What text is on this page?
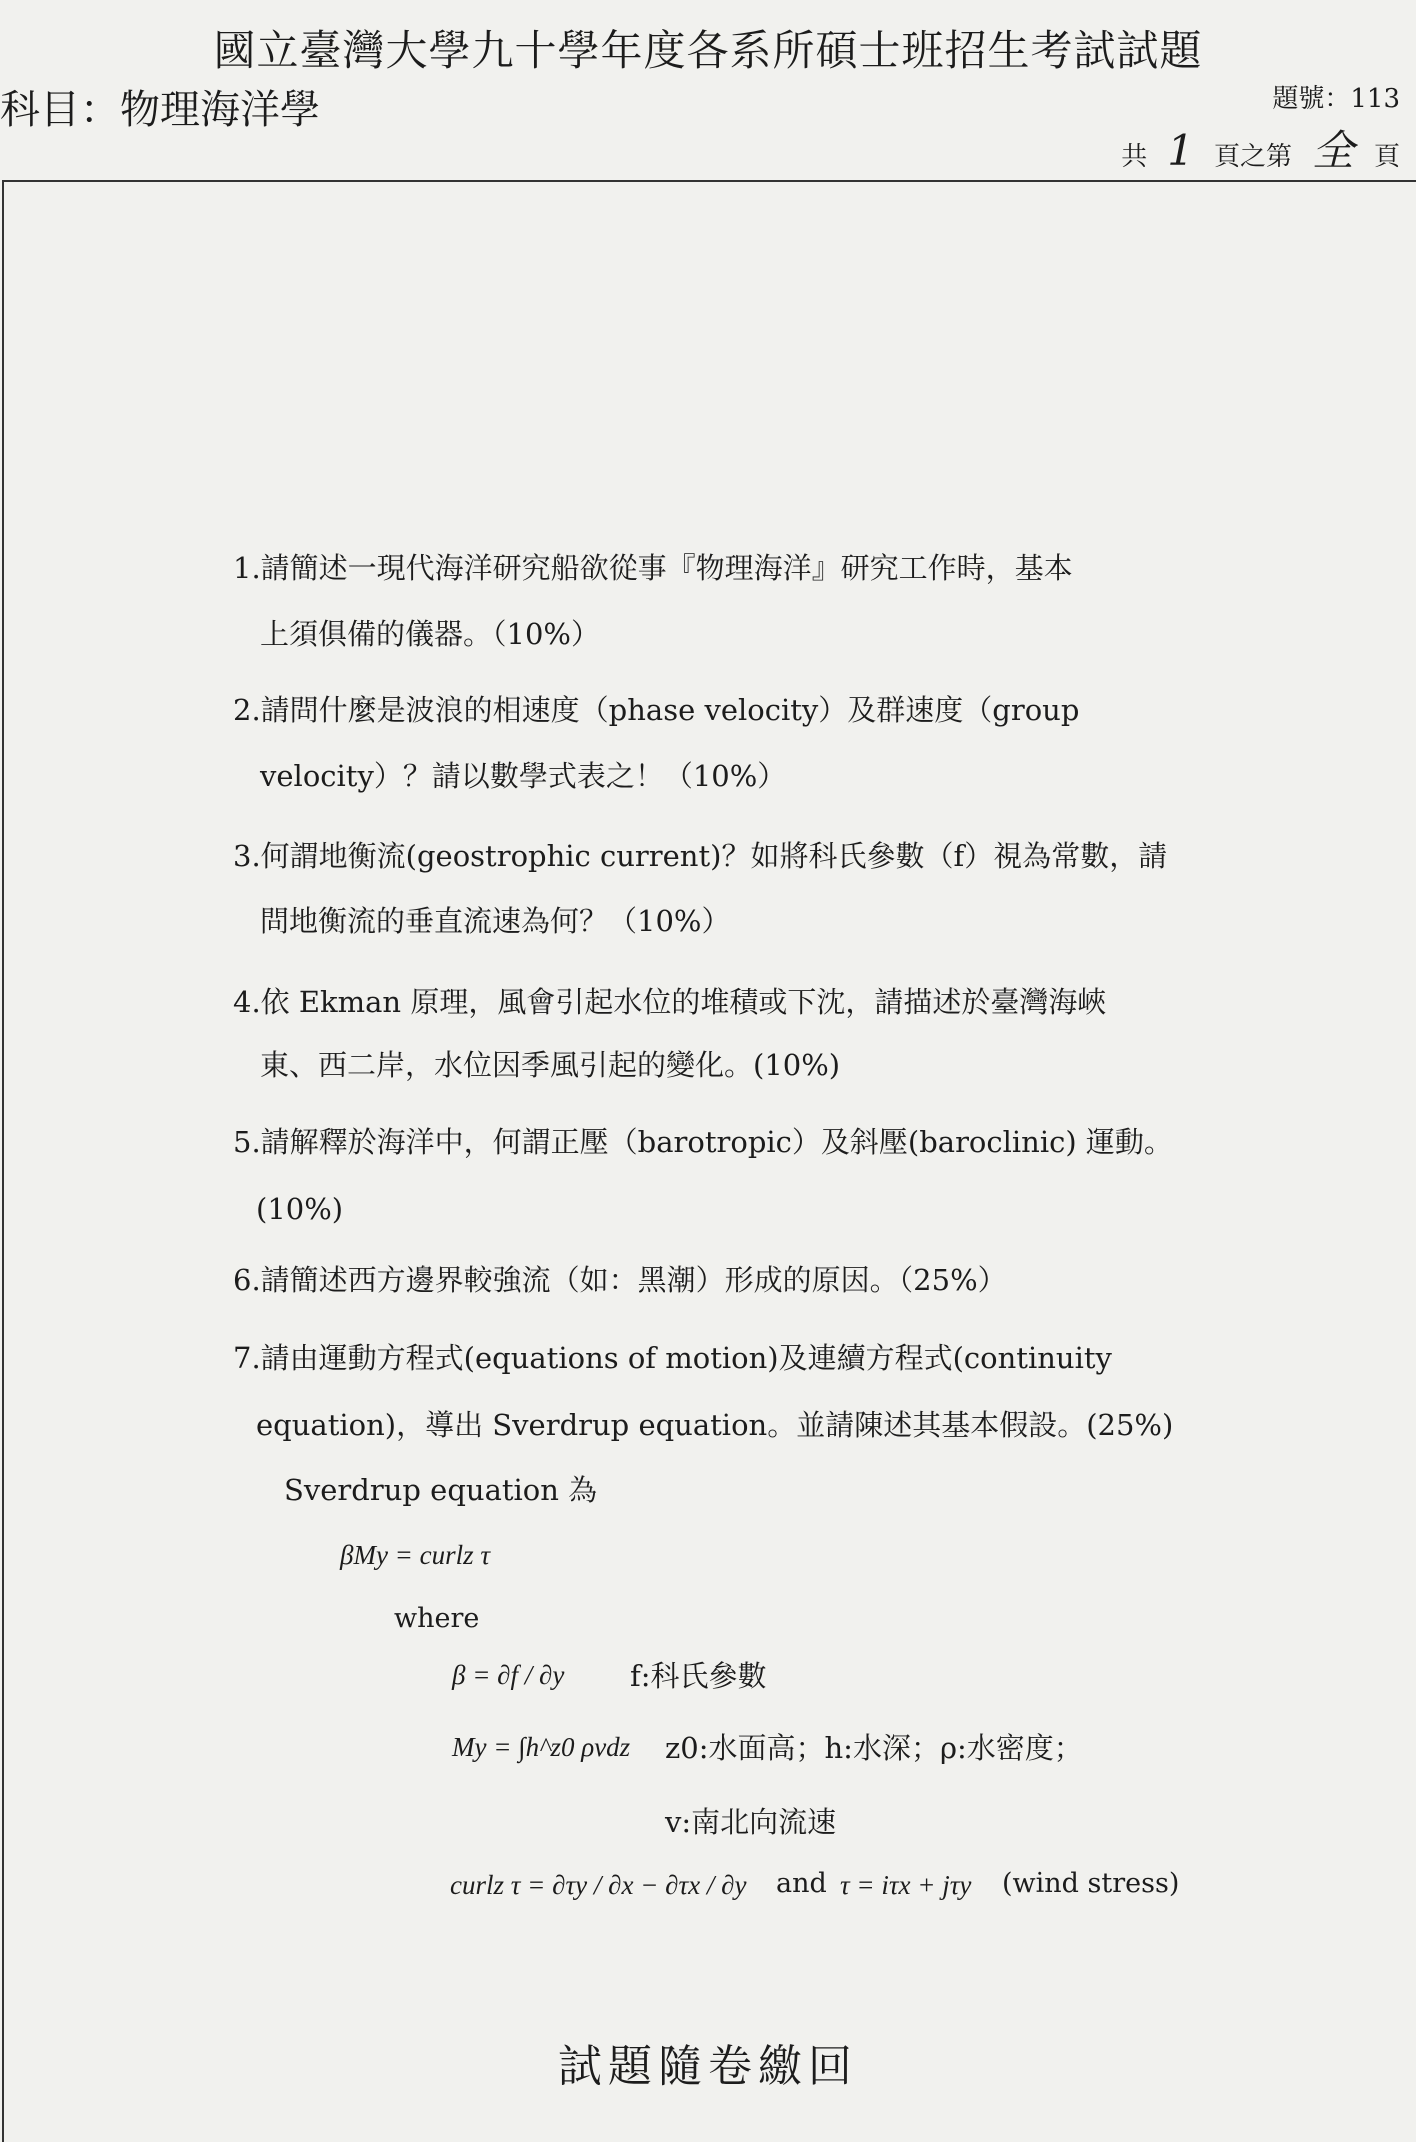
國立臺灣大學九十學年度各系所碩士班招生考試試題
科目：物理海洋學	題號：113
共 1 頁之第 全 頁
1.請簡述一現代海洋研究船欲從事『物理海洋』研究工作時，基本
上須俱備的儀器。（10%）
2.請問什麼是波浪的相速度（phase velocity）及群速度（group
velocity）？請以數學式表之！（10%）
3.何謂地衡流(geostrophic current)？如將科氏參數（f）視為常數，請
問地衡流的垂直流速為何？（10%）
4.依 Ekman 原理，風會引起水位的堆積或下沈，請描述於臺灣海峽
東、西二岸，水位因季風引起的變化。(10%)
5.請解釋於海洋中，何謂正壓（barotropic）及斜壓(baroclinic) 運動。
(10%)
6.請簡述西方邊界較強流（如：黑潮）形成的原因。（25%）
7.請由運動方程式(equations of motion)及連續方程式(continuity
equation)，導出 Sverdrup equation。並請陳述其基本假設。(25%)
Sverdrup equation 為
βMy = curlz τ
where
β = ∂f / ∂y f:科氏參數
My = ∫h^z0 ρvdz z0:水面高；h:水深；ρ:水密度；
v:南北向流速
curlz τ = ∂τy / ∂x − ∂τx / ∂y and τ = iτx + jτy (wind stress)
試題隨卷繳回
